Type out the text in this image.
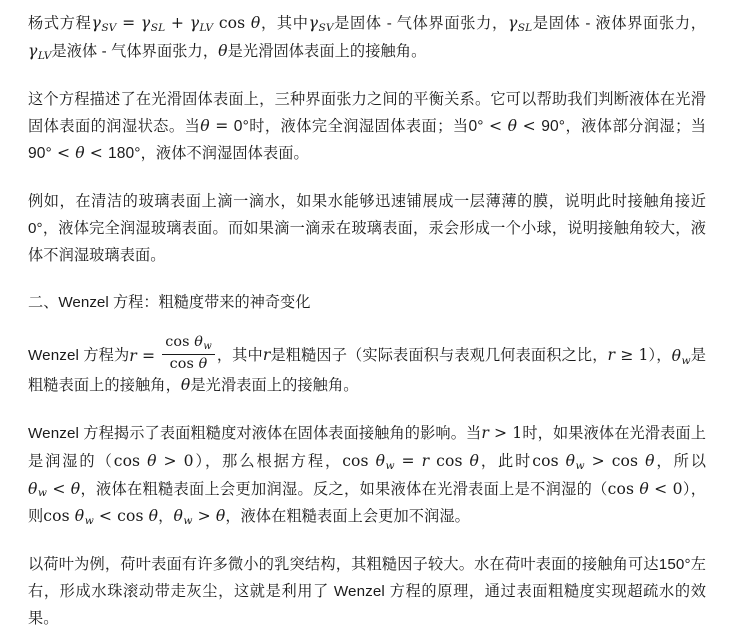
杨式方程$\gamma_{SV} = \gamma_{SL} + \gamma_{LV}$ cos θ，其中$\gamma_{SV}$是固体 - 气体界面张力，$\gamma_{SL}$是固体 - 液体界面张力，$\gamma_{LV}$是液体 - 气体界面张力，θ是光滑固体表面上的接触角。

这个方程描述了在光滑固体表面上，三种界面张力之间的平衡关系。它可以帮助我们判断液体在光滑固体表面的润湿状态。当θ = 0°时，液体完全润湿固体表面；当0° < θ < 90°，液体部分润湿；当90° < θ < 180°，液体不润湿固体表面。

例如，在清洁的玻璃表面上滴一滴水，如果水能够迅速铺展成一层薄薄的膜，说明此时接触角接近0°，液体完全润湿玻璃表面。而如果滴一滴汞在玻璃表面，汞会形成一个小球，说明接触角较大，液体不润湿玻璃表面。

二、Wenzel 方程：粗糙度带来的神奇变化

Wenzel 方程为$r = \frac{\cos \theta_w}{\text{cos θ}}$ ，其中r是粗糙因子（实际表面积与表观几何表面积之比，r ≥ 1），$\theta_w$是粗糙表面上的接触角，θ是光滑表面上的接触角。

Wenzel 方程揭示了表面粗糙度对液体在固体表面接触角的影响。当r > 1时，如果液体在光滑表面上是润湿的（cos θ > 0），那么根据方程，$\cos \theta_w = r$ cos θ，此时$\cos \theta_w > \cos \theta$，所以$\theta_w < \theta$，液体在粗糙表面上会更加润湿。反之，如果液体在光滑表面上是不润湿的（cos θ < 0），则$\cos \theta_w < \cos \theta$，$\theta_w > \theta$，液体在粗糙表面上会更加不润湿。

以荷叶为例，荷叶表面有许多微小的乳突结构，其粗糙因子较大。水在荷叶表面的接触角可达150°左右，形成水珠滚动带走灰尘，这就是利用了 Wenzel 方程的原理，通过表面粗糙度实现超疏水的效果。
